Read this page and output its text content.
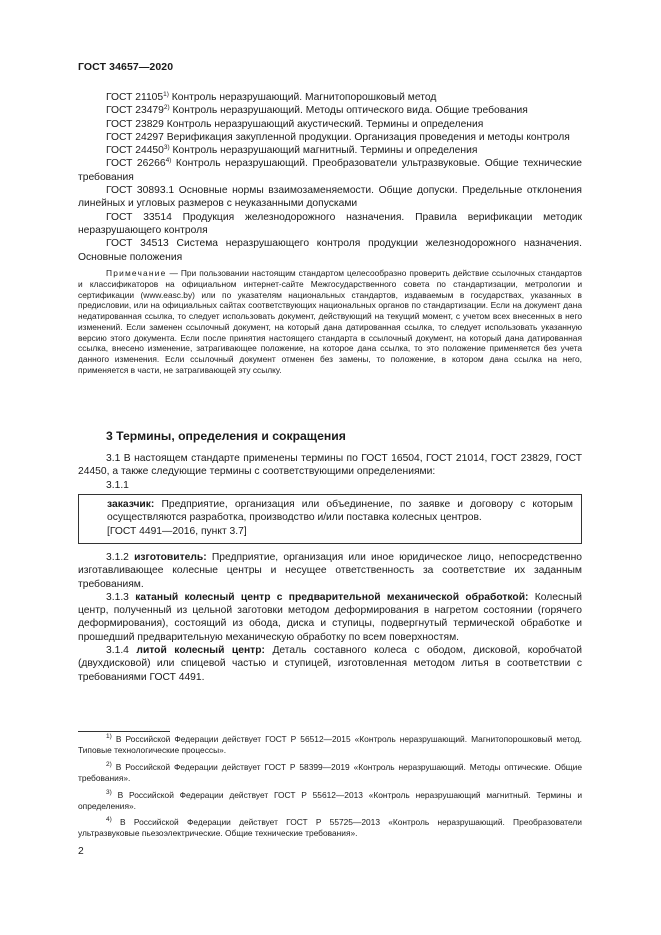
ГОСТ 34657—2020

ГОСТ 21105$^{1)}$ Контроль неразрушающий. Магнитопорошковый метод

ГОСТ 23479$^{2)}$ Контроль неразрушающий. Методы оптического вида. Общие требования

ГОСТ 23829 Контроль неразрушающий акустический. Термины и определения

ГОСТ 24297 Верификация закупленной продукции. Организация проведения и методы контроля

ГОСТ 24450$^{3)}$ Контроль неразрушающий магнитный. Термины и определения

ГОСТ 26266$^{4)}$ Контроль неразрушающий. Преобразователи ультразвуковые. Общие технические требования

ГОСТ 30893.1 Основные нормы взаимозаменяемости. Общие допуски. Предельные отклонения линейных и угловых размеров с неуказанными допусками

ГОСТ 33514 Продукция железнодорожного назначения. Правила верификации методик неразрушающего контроля

ГОСТ 34513 Система неразрушающего контроля продукции железнодорожного назначения. Основные положения

Примечание — При пользовании настоящим стандартом целесообразно проверить действие ссылочных стандартов и классификаторов на официальном интернет-сайте Межгосударственного совета по стандартизации, метрологии и сертификации (www.easc.by) или по указателям национальных стандартов, издаваемым в государствах, указанных в предисловии, или на официальных сайтах соответствующих национальных органов по стандартизации. Если на документ дана недатированная ссылка, то следует использовать документ, действующий на текущий момент, с учетом всех внесенных в него изменений. Если заменен ссылочный документ, на который дана датированная ссылка, то следует использовать указанную версию этого документа. Если после принятия настоящего стандарта в ссылочный документ, на который дана датированная ссылка, внесено изменение, затрагивающее положение, на которое дана ссылка, то это положение применяется без учета данного изменения. Если ссылочный документ отменен без замены, то положение, в котором дана ссылка на него, применяется в части, не затрагивающей эту ссылку.

3 Термины, определения и сокращения

3.1 В настоящем стандарте применены термины по ГОСТ 16504, ГОСТ 21014, ГОСТ 23829, ГОСТ 24450, а также следующие термины с соответствующими определениями:

3.1.1

заказчик: Предприятие, организация или объединение, по заявке и договору с которым осуществляются разработка, производство и/или поставка колесных центров.
[ГОСТ 4491—2016, пункт 3.7]

3.1.2 изготовитель: Предприятие, организация или иное юридическое лицо, непосредственно изготавливающее колесные центры и несущее ответственность за соответствие их заданным требованиям.

3.1.3 катаный колесный центр с предварительной механической обработкой: Колесный центр, полученный из цельной заготовки методом деформирования в нагретом состоянии (горячего деформирования), состоящий из обода, диска и ступицы, подвергнутый термической обработке и прошедший предварительную механическую обработку по всем поверхностям.

3.1.4 литой колесный центр: Деталь составного колеса с ободом, дисковой, коробчатой (двухдисковой) или спицевой частью и ступицей, изготовленная методом литья в соответствии с требованиями ГОСТ 4491.

$^{1)}$ В Российской Федерации действует ГОСТ Р 56512—2015 «Контроль неразрушающий. Магнитопорошковый метод. Типовые технологические процессы».

$^{2)}$ В Российской Федерации действует ГОСТ Р 58399—2019 «Контроль неразрушающий. Методы оптические. Общие требования».

$^{3)}$ В Российской Федерации действует ГОСТ Р 55612—2013 «Контроль неразрушающий магнитный. Термины и определения».

$^{4)}$ В Российской Федерации действует ГОСТ Р 55725—2013 «Контроль неразрушающий. Преобразователи ультразвуковые пьезоэлектрические. Общие технические требования».

2
